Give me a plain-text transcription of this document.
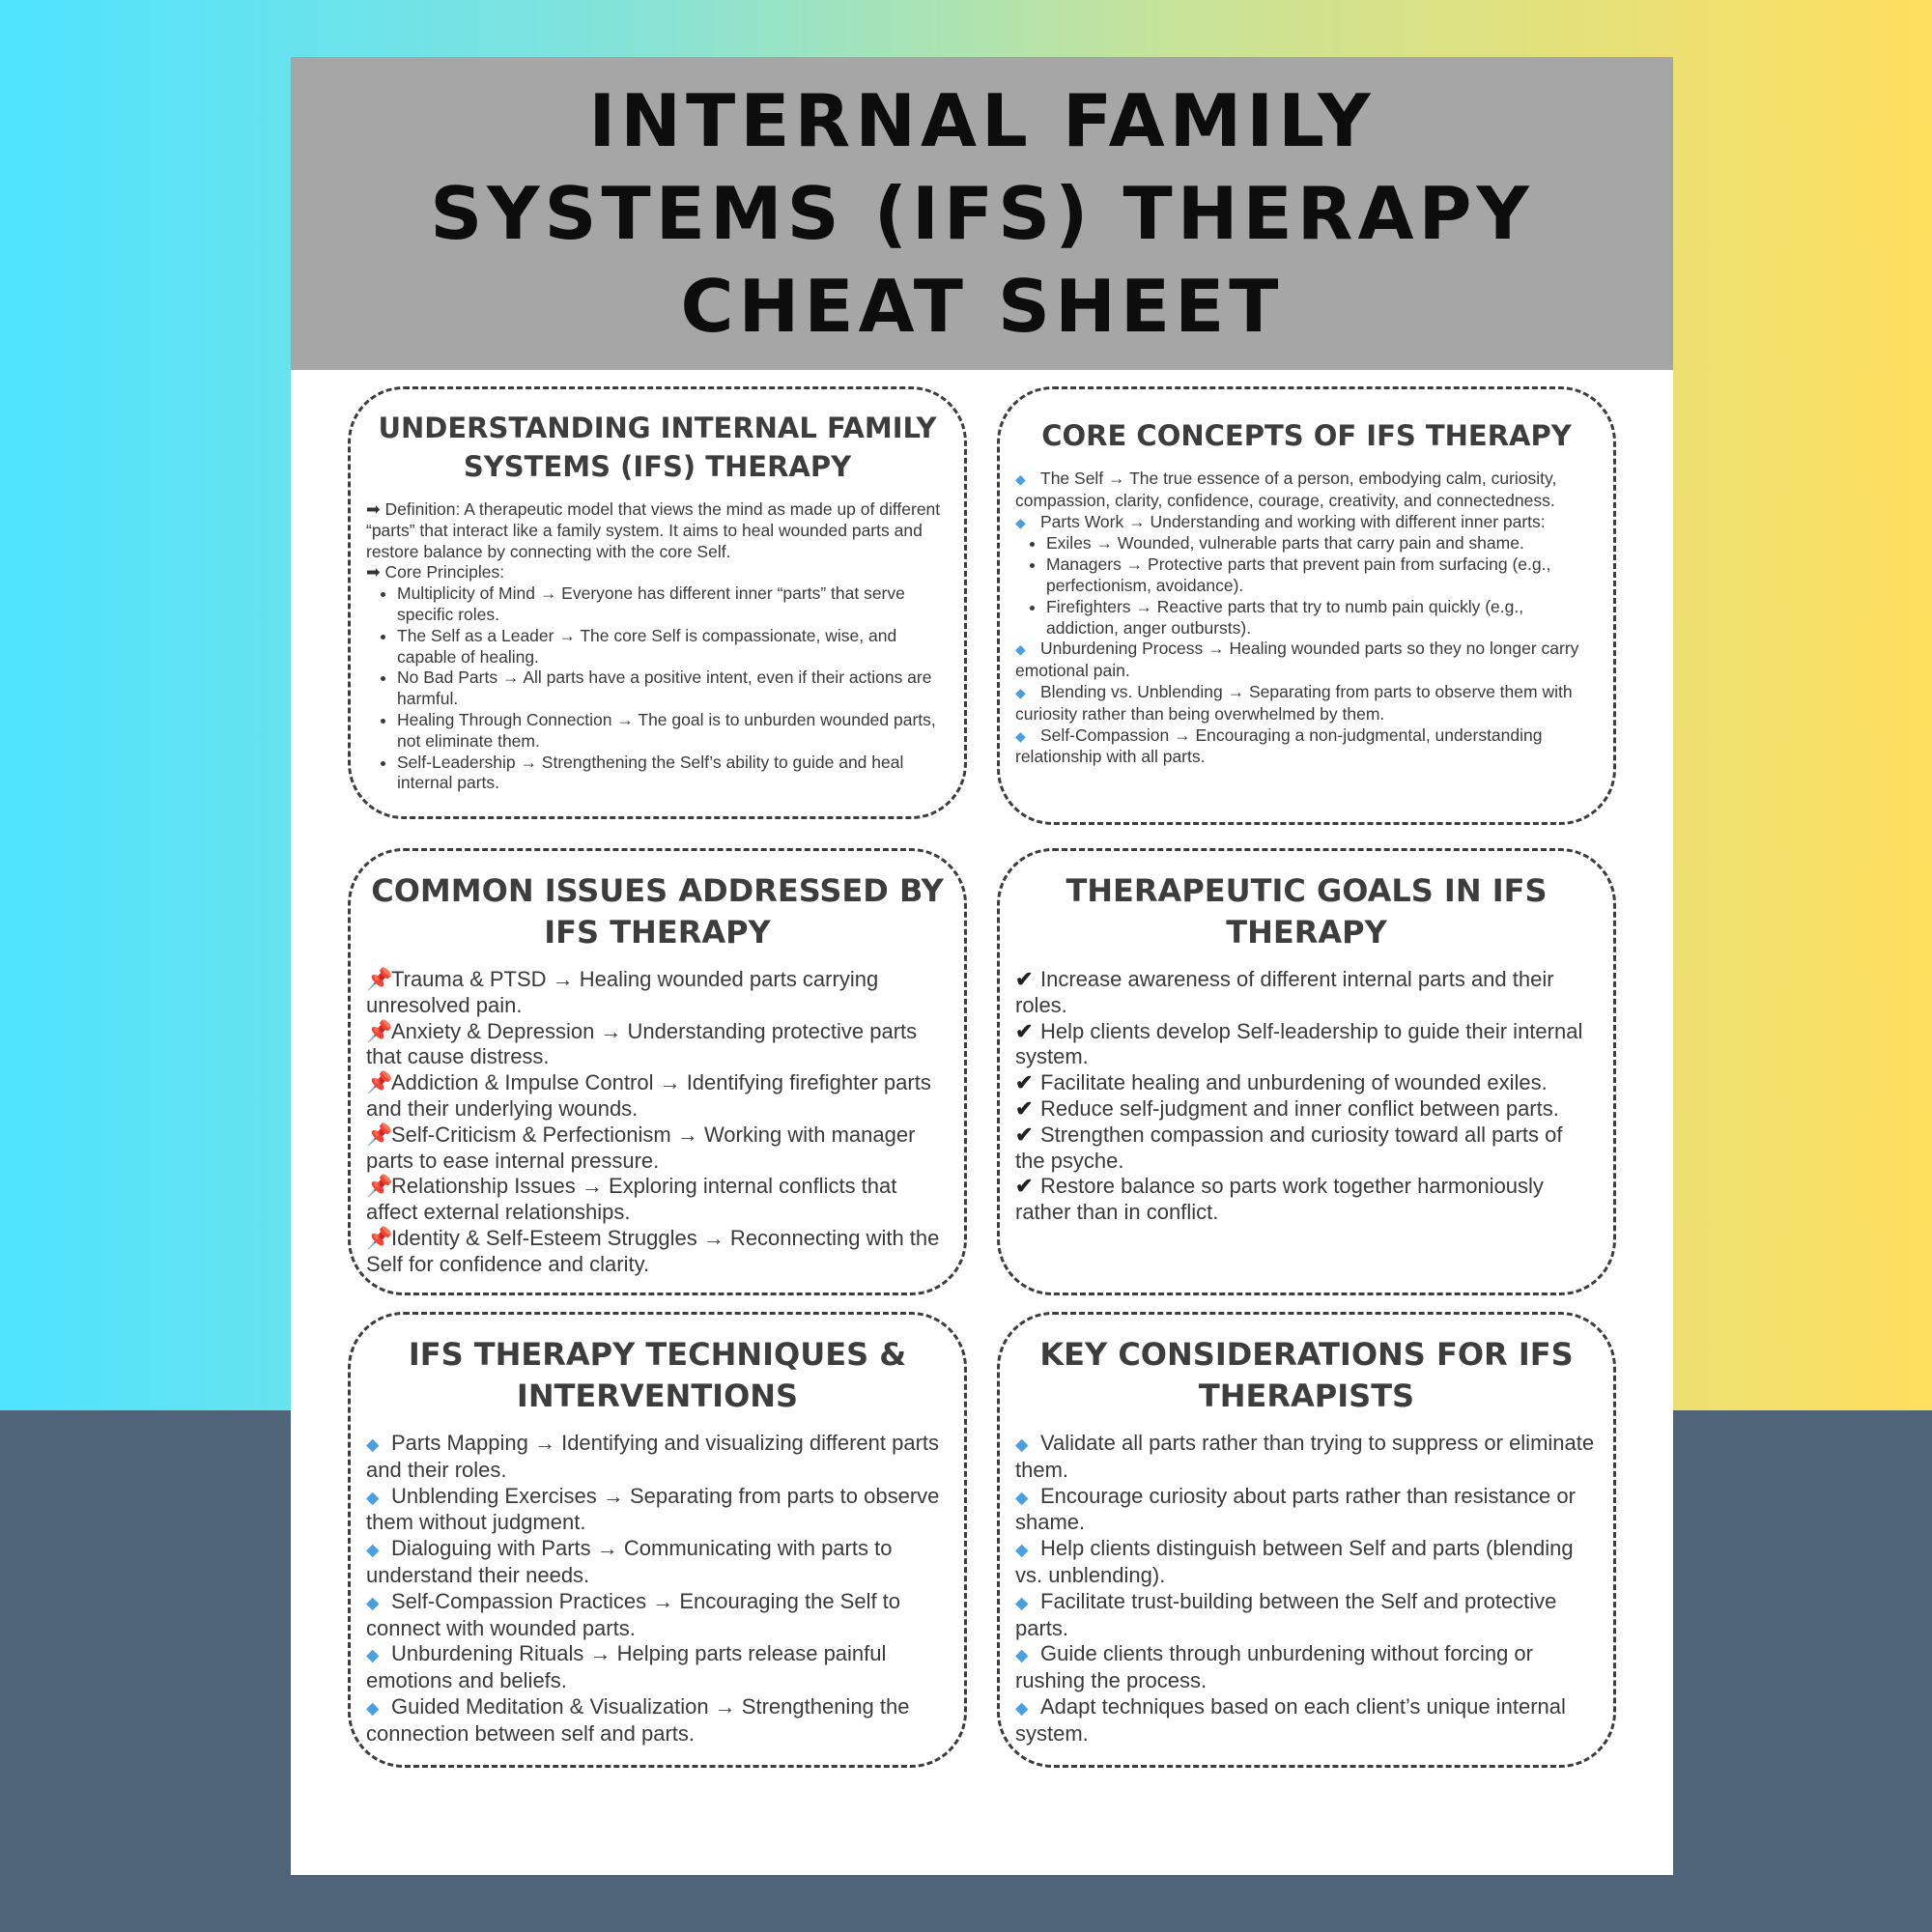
INTERNAL FAMILY SYSTEMS (IFS) THERAPY CHEAT SHEET
UNDERSTANDING INTERNAL FAMILY SYSTEMS (IFS) THERAPY

➡ Definition: A therapeutic model that views the mind as made up of different “parts” that interact like a family system. It aims to heal wounded parts and restore balance by connecting with the core Self.

➡ Core Principles:

• Multiplicity of Mind → Everyone has different inner “parts” that serve specific roles.
• The Self as a Leader → The core Self is compassionate, wise, and capable of healing.
• No Bad Parts → All parts have a positive intent, even if their actions are harmful.
• Healing Through Connection → The goal is to unburden wounded parts, not eliminate them.
• Self-Leadership → Strengthening the Self’s ability to guide and heal internal parts.
CORE CONCEPTS OF IFS THERAPY

◆ The Self → The true essence of a person, embodying calm, curiosity, compassion, clarity, confidence, courage, creativity, and connectedness.

◆ Parts Work → Understanding and working with different inner parts:

• Exiles → Wounded, vulnerable parts that carry pain and shame.
• Managers → Protective parts that prevent pain from surfacing (e.g., perfectionism, avoidance).
• Firefighters → Reactive parts that try to numb pain quickly (e.g., addiction, anger outbursts).

◆ Unburdening Process → Healing wounded parts so they no longer carry emotional pain.

◆ Blending vs. Unblending → Separating from parts to observe them with curiosity rather than being overwhelmed by them.

◆ Self-Compassion → Encouraging a non-judgmental, understanding relationship with all parts.

COMMON ISSUES ADDRESSED BY IFS THERAPY

📌Trauma & PTSD → Healing wounded parts carrying unresolved pain.

📌Anxiety & Depression → Understanding protective parts that cause distress.

📌Addiction & Impulse Control → Identifying firefighter parts and their underlying wounds.

📌Self-Criticism & Perfectionism → Working with manager parts to ease internal pressure.

📌Relationship Issues → Exploring internal conflicts that affect external relationships.

📌Identity & Self-Esteem Struggles → Reconnecting with the Self for confidence and clarity.

THERAPEUTIC GOALS IN IFS THERAPY

✔ Increase awareness of different internal parts and their roles.

✔ Help clients develop Self-leadership to guide their internal system.

✔ Facilitate healing and unburdening of wounded exiles.

✔ Reduce self-judgment and inner conflict between parts.

✔ Strengthen compassion and curiosity toward all parts of the psyche.

✔ Restore balance so parts work together harmoniously rather than in conflict.

IFS THERAPY TECHNIQUES & INTERVENTIONS

◆ Parts Mapping → Identifying and visualizing different parts and their roles.

◆ Unblending Exercises → Separating from parts to observe them without judgment.

◆ Dialoguing with Parts → Communicating with parts to understand their needs.

◆ Self-Compassion Practices → Encouraging the Self to connect with wounded parts.

◆ Unburdening Rituals → Helping parts release painful emotions and beliefs.

◆ Guided Meditation & Visualization → Strengthening the connection between self and parts.

KEY CONSIDERATIONS FOR IFS THERAPISTS

◆ Validate all parts rather than trying to suppress or eliminate them.

◆ Encourage curiosity about parts rather than resistance or shame.

◆ Help clients distinguish between Self and parts (blending vs. unblending).

◆ Facilitate trust-building between the Self and protective parts.

◆ Guide clients through unburdening without forcing or rushing the process.

◆ Adapt techniques based on each client’s unique internal system.
